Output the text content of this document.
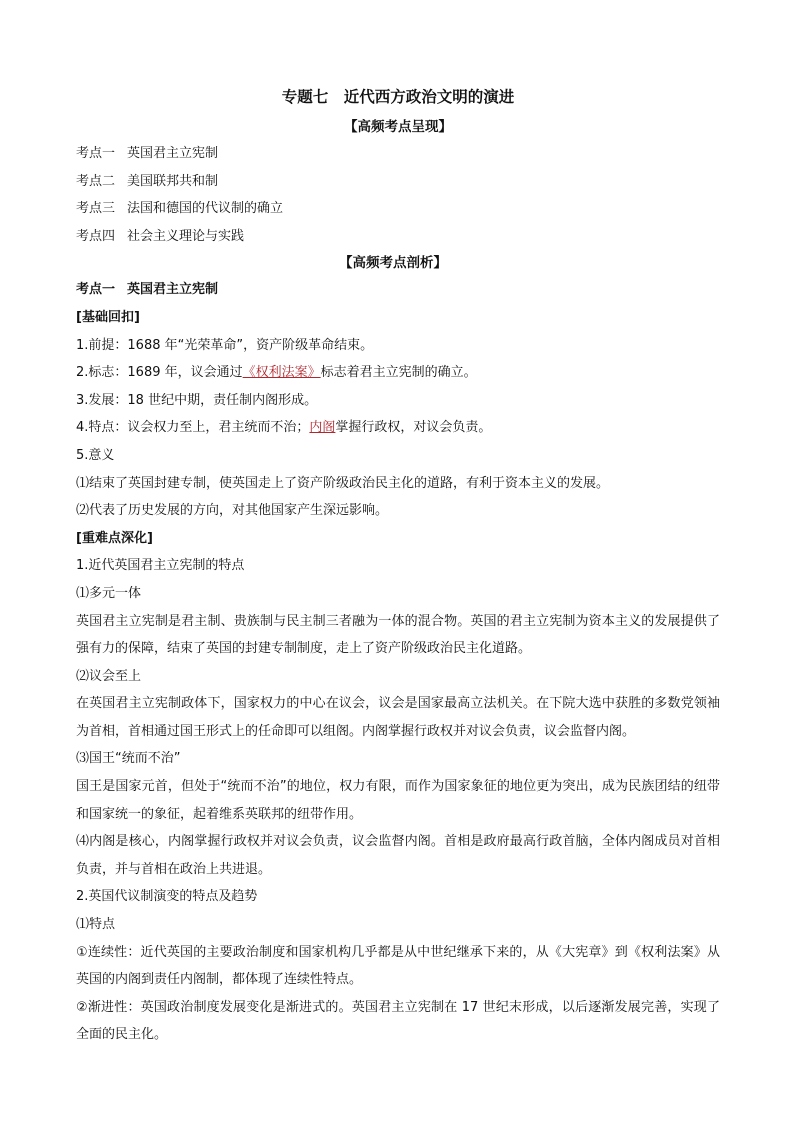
专题七　近代西方政治文明的演进
【高频考点呈现】
考点一 英国君主立宪制
考点二 美国联邦共和制
考点三 法国和德国的代议制的确立
考点四 社会主义理论与实践
【高频考点剖析】
考点一 英国君主立宪制
[基础回扣]
1.前提：1688 年“光荣革命”，资产阶级革命结束。
2.标志：1689 年，议会通过《权利法案》标志着君主立宪制的确立。
3.发展：18 世纪中期，责任制内阁形成。
4.特点：议会权力至上，君主统而不治；内阁掌握行政权，对议会负责。
5.意义
⑴结束了英国封建专制，使英国走上了资产阶级政治民主化的道路，有利于资本主义的发展。
⑵代表了历史发展的方向，对其他国家产生深远影响。
[重难点深化]
1.近代英国君主立宪制的特点
⑴多元一体
英国君主立宪制是君主制、贵族制与民主制三者融为一体的混合物。英国的君主立宪制为资本主义的发展提供了强有力的保障，结束了英国的封建专制制度，走上了资产阶级政治民主化道路。
⑵议会至上
在英国君主立宪制政体下，国家权力的中心在议会，议会是国家最高立法机关。在下院大选中获胜的多数党领袖为首相，首相通过国王形式上的任命即可以组阁。内阁掌握行政权并对议会负责，议会监督内阁。
⑶国王“统而不治”
国王是国家元首，但处于“统而不治”的地位，权力有限，而作为国家象征的地位更为突出，成为民族团结的纽带和国家统一的象征，起着维系英联邦的纽带作用。
⑷内阁是核心，内阁掌握行政权并对议会负责，议会监督内阁。首相是政府最高行政首脑，全体内阁成员对首相负责，并与首相在政治上共进退。
2.英国代议制演变的特点及趋势
⑴特点
①连续性：近代英国的主要政治制度和国家机构几乎都是从中世纪继承下来的，从《大宪章》到《权利法案》从英国的内阁到责任内阁制，都体现了连续性特点。
②渐进性：英国政治制度发展变化是渐进式的。英国君主立宪制在 17 世纪末形成，以后逐渐发展完善，实现了全面的民主化。
